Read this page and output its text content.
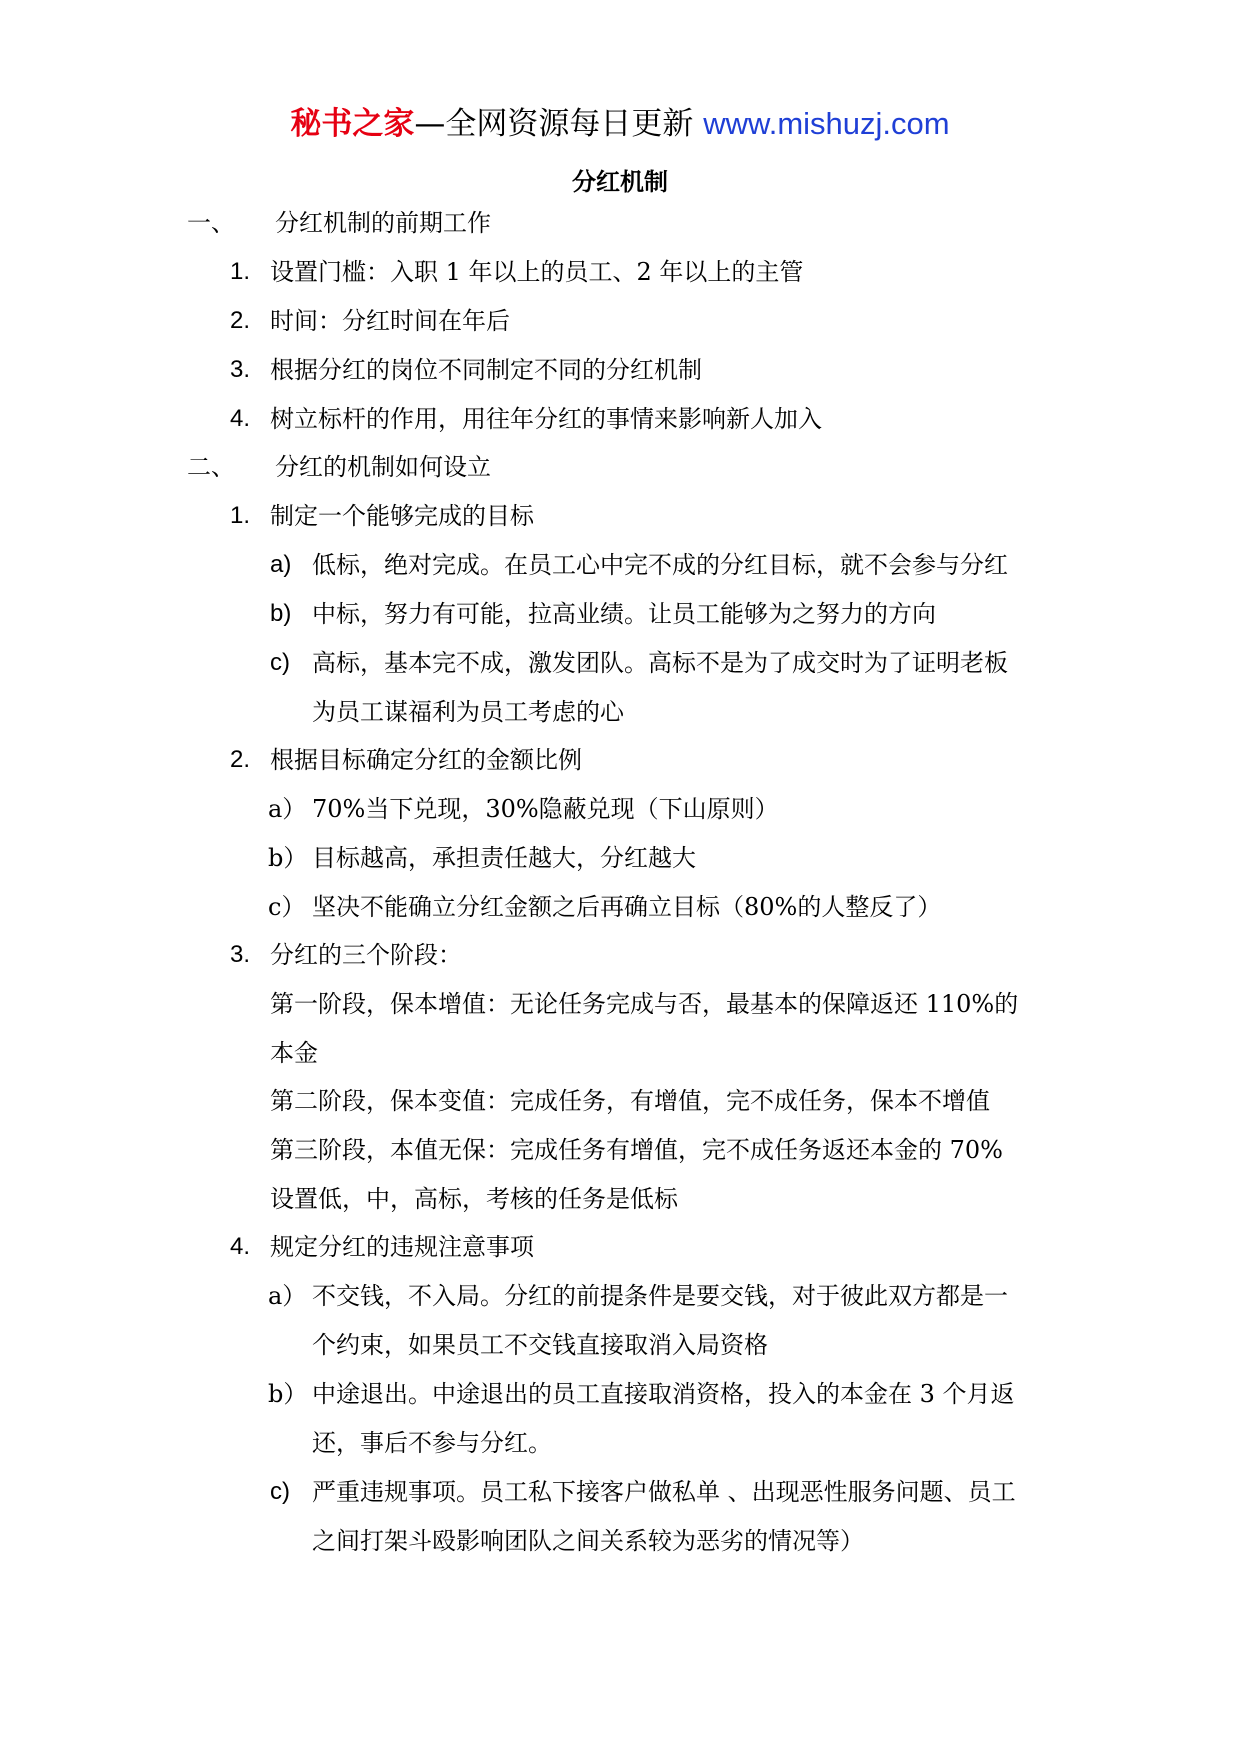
秘书之家—全网资源每日更新 www.mishuzj.com
分红机制
一、 分红机制的前期工作
1. 设置门槛：入职 1 年以上的员工、2 年以上的主管
2. 时间：分红时间在年后
3. 根据分红的岗位不同制定不同的分红机制
4. 树立标杆的作用，用往年分红的事情来影响新人加入
二、 分红的机制如何设立
1. 制定一个能够完成的目标
a) 低标，绝对完成。在员工心中完不成的分红目标，就不会参与分红
b) 中标，努力有可能，拉高业绩。让员工能够为之努力的方向
c) 高标，基本完不成，激发团队。高标不是为了成交时为了证明老板
为员工谋福利为员工考虑的心
2. 根据目标确定分红的金额比例
a） 70%当下兑现，30%隐蔽兑现（下山原则）
b） 目标越高，承担责任越大，分红越大
c） 坚决不能确立分红金额之后再确立目标（80%的人整反了）
3. 分红的三个阶段：
第一阶段，保本增值：无论任务完成与否，最基本的保障返还 110%的
本金
第二阶段，保本变值：完成任务，有增值，完不成任务，保本不增值
第三阶段，本值无保：完成任务有增值，完不成任务返还本金的 70%
设置低，中，高标，考核的任务是低标
4. 规定分红的违规注意事项
a） 不交钱，不入局。分红的前提条件是要交钱，对于彼此双方都是一
个约束，如果员工不交钱直接取消入局资格
b） 中途退出。中途退出的员工直接取消资格，投入的本金在 3 个月返
还，事后不参与分红。
c) 严重违规事项。员工私下接客户做私单 、出现恶性服务问题、员工
之间打架斗殴影响团队之间关系较为恶劣的情况等）
